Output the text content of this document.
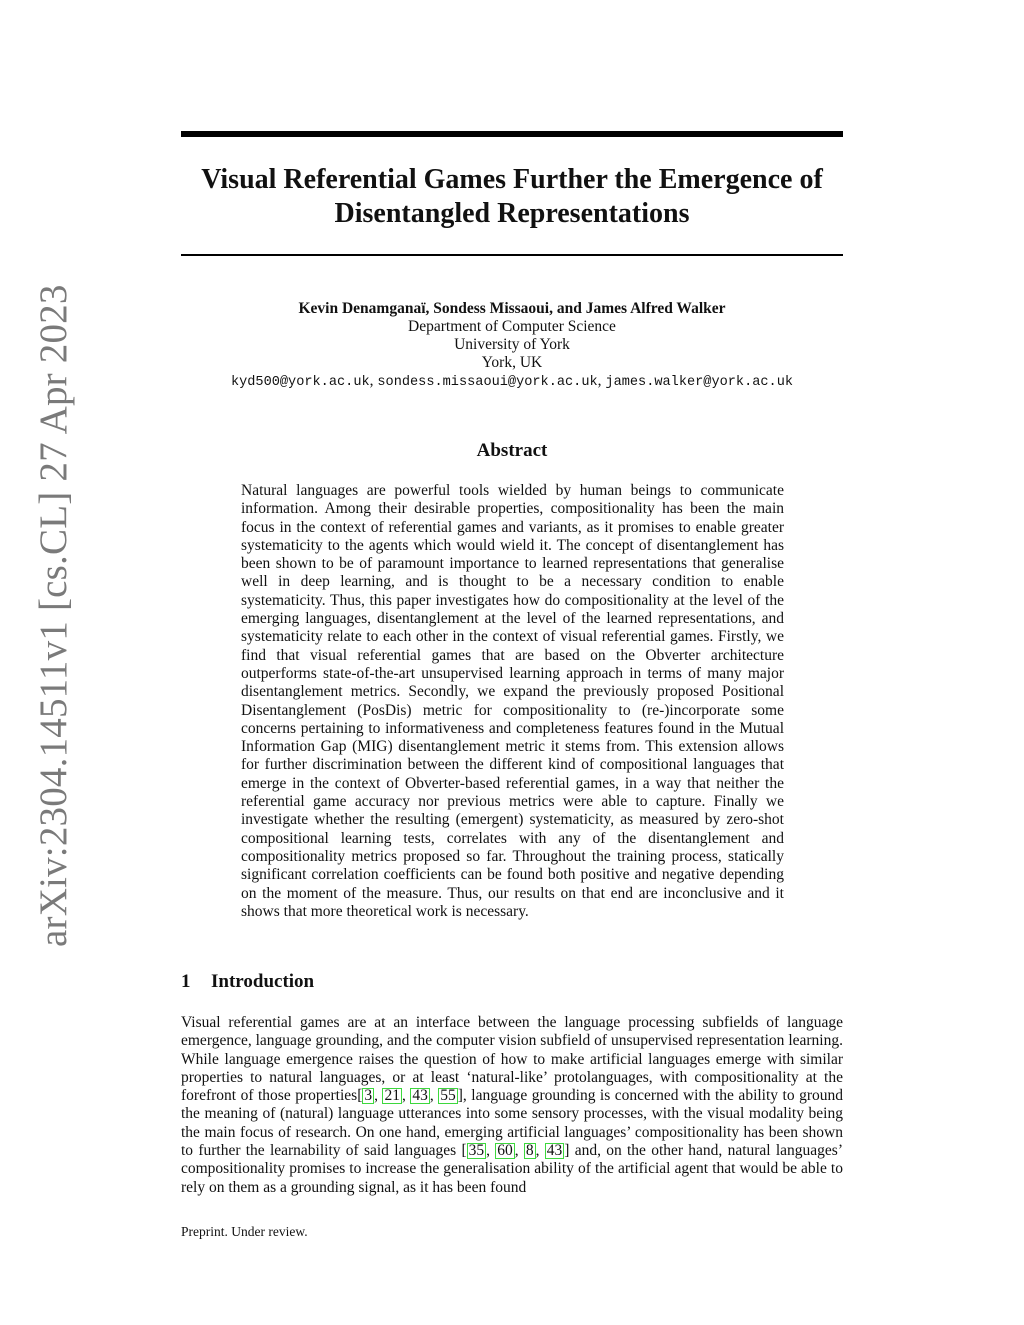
arXiv:2304.14511v1 [cs.CL] 27 Apr 2023
Visual Referential Games Further the Emergence of Disentangled Representations
Kevin Denamganaï, Sondess Missaoui, and James Alfred Walker
Department of Computer Science
University of York
York, UK
kyd500@york.ac.uk, sondess.missaoui@york.ac.uk, james.walker@york.ac.uk
Abstract
Natural languages are powerful tools wielded by human beings to communicate information. Among their desirable properties, compositionality has been the main focus in the context of referential games and variants, as it promises to enable greater systematicity to the agents which would wield it. The concept of disentanglement has been shown to be of paramount importance to learned representations that generalise well in deep learning, and is thought to be a necessary condition to enable systematicity. Thus, this paper investigates how do compositionality at the level of the emerging languages, disentanglement at the level of the learned representations, and systematicity relate to each other in the context of visual referential games. Firstly, we find that visual referential games that are based on the Obverter architecture outperforms state-of-the-art unsupervised learning approach in terms of many major disentanglement metrics. Secondly, we expand the previously proposed Positional Disentanglement (PosDis) metric for compositionality to (re-)incorporate some concerns pertaining to informativeness and completeness features found in the Mutual Information Gap (MIG) disentanglement metric it stems from. This extension allows for further discrimination between the different kind of compositional languages that emerge in the context of Obverter-based referential games, in a way that neither the referential game accuracy nor previous metrics were able to capture. Finally we investigate whether the resulting (emergent) systematicity, as measured by zero-shot compositional learning tests, correlates with any of the disentanglement and compositionality metrics proposed so far. Throughout the training process, statically significant correlation coefficients can be found both positive and negative depending on the moment of the measure. Thus, our results on that end are inconclusive and it shows that more theoretical work is necessary.
1 Introduction
Visual referential games are at an interface between the language processing subfields of language emergence, language grounding, and the computer vision subfield of unsupervised representation learning. While language emergence raises the question of how to make artificial languages emerge with similar properties to natural languages, or at least ‘natural-like’ protolanguages, with compositionality at the forefront of those properties[ 3 , 21 , 43 , 55 ], language grounding is concerned with the ability to ground the meaning of (natural) language utterances into some sensory processes, with the visual modality being the main focus of research. On one hand, emerging artificial languages’ compositionality has been shown to further the learnability of said languages [ 35 , 60 , 8 , 43 ] and, on the other hand, natural languages’ compositionality promises to increase the generalisation ability of the artificial agent that would be able to rely on them as a grounding signal, as it has been found
Preprint. Under review.
